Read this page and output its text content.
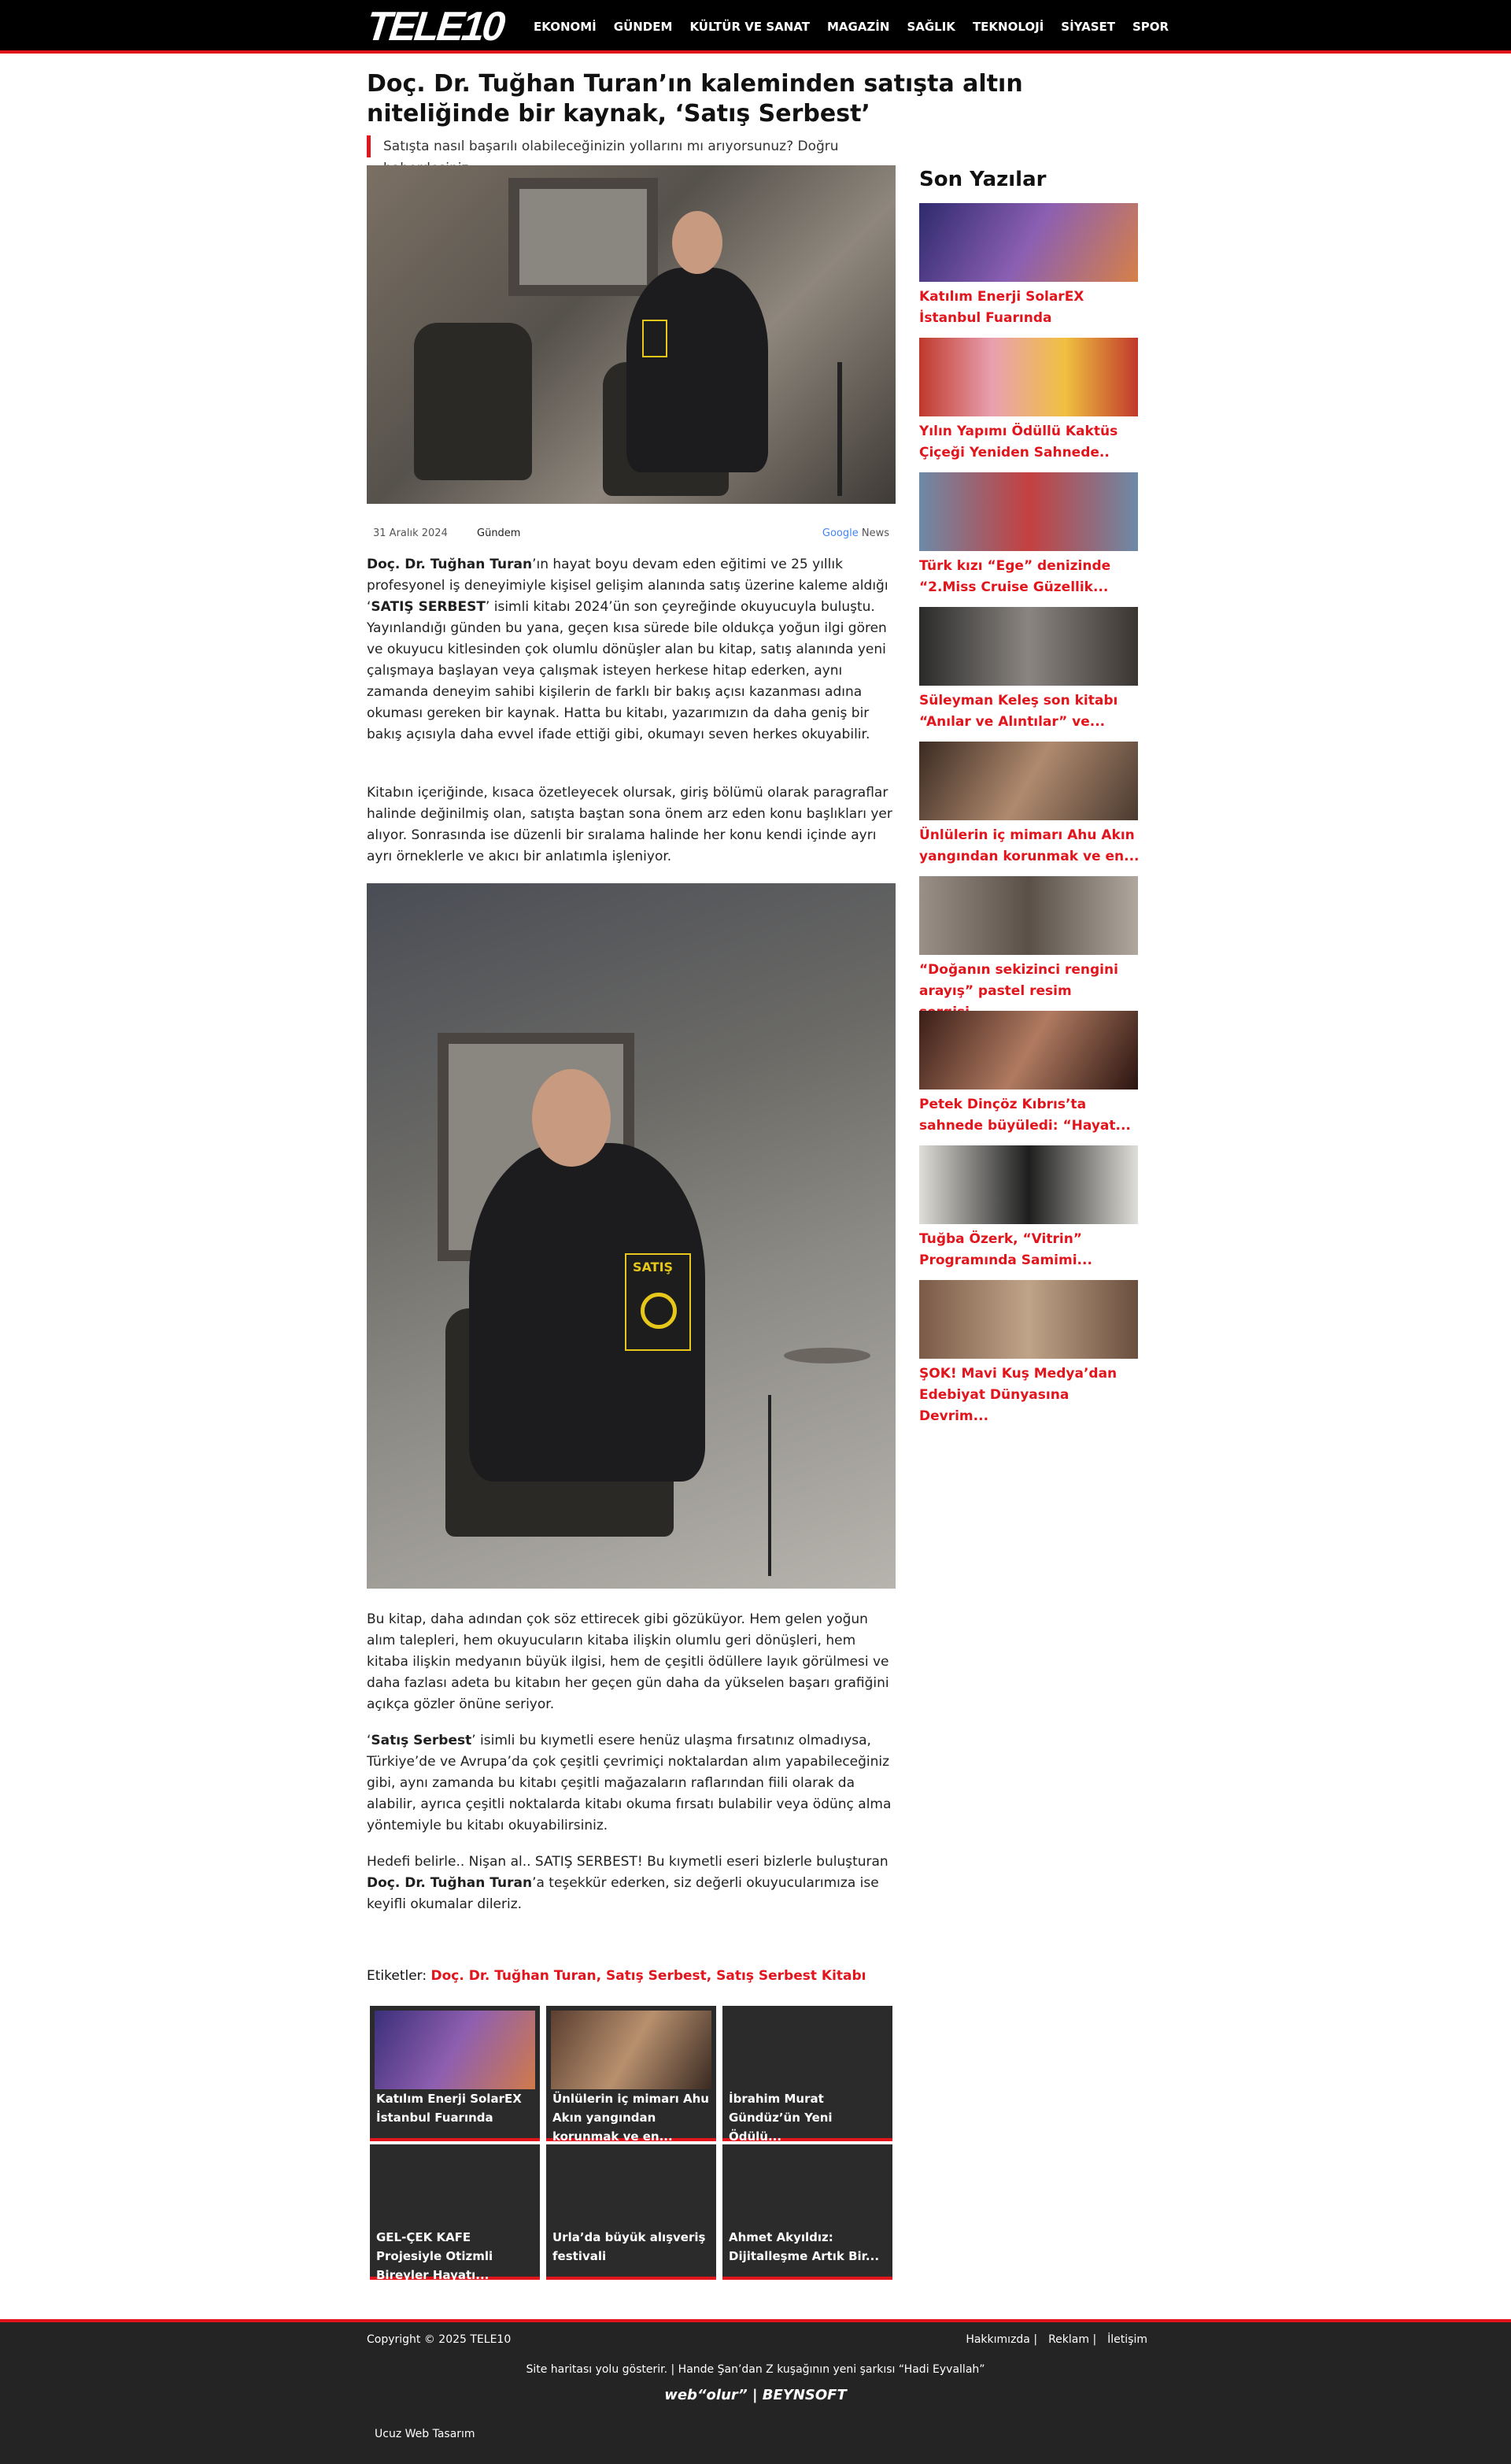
TELE10 EKONOMİ GÜNDEM KÜLTÜR VE SANAT MAGAZİN SAĞLIK TEKNOLOJİ SİYASET SPOR
Doç. Dr. Tuğhan Turan’ın kaleminden satışta altın niteliğinde bir kaynak, ‘Satış Serbest’
Satışta nasıl başarılı olabileceğinizin yollarını mı arıyorsunuz? Doğru
31 Aralık 2024	Gündem	Google News

Doç. Dr. Tuğhan Turan’ın hayat boyu devam eden eğitimi ve 25 yıllık profesyonel iş deneyimiyle kişisel gelişim alanında satış üzerine kaleme aldığı ‘SATIŞ SERBEST’ isimli kitabı 2024’ün son çeyreğinde okuyucuyla buluştu. Yayınlandığı günden bu yana, geçen kısa sürede bile oldukça yoğun ilgi gören ve okuyucu kitlesinden çok olumlu dönüşler alan bu kitap, satış alanında yeni çalışmaya başlayan veya çalışmak isteyen herkese hitap ederken, aynı zamanda deneyim sahibi kişilerin de farklı bir bakış açısı kazanması adına okuması gereken bir kaynak. Hatta bu kitabı, yazarımızın da daha geniş bir bakış açısıyla daha evvel ifade ettiği gibi, okumayı seven herkes okuyabilir.

Kitabın içeriğinde, kısaca özetleyecek olursak, giriş bölümü olarak paragraflar halinde değinilmiş olan, satışta baştan sona önem arz eden konu başlıkları yer alıyor. Sonrasında ise düzenli bir sıralama halinde her konu kendi içinde ayrı ayrı örneklerle ve akıcı bir anlatımla işleniyor.

SATIŞ

Bu kitap, daha adından çok söz ettirecek gibi gözüküyor. Hem gelen yoğun alım talepleri, hem okuyucuların kitaba ilişkin olumlu geri dönüşleri, hem kitaba ilişkin medyanın büyük ilgisi, hem de çeşitli ödüllere layık görülmesi ve daha fazlası adeta bu kitabın her geçen gün daha da yükselen başarı grafiğini açıkça gözler önüne seriyor.

‘Satış Serbest’ isimli bu kıymetli esere henüz ulaşma fırsatınız olmadıysa, Türkiye’de ve Avrupa’da çok çeşitli çevrimiçi noktalardan alım yapabileceğiniz gibi, aynı zamanda bu kitabı çeşitli mağazaların raflarından fiili olarak da alabilir, ayrıca çeşitli noktalarda kitabı okuma fırsatı bulabilir veya ödünç alma yöntemiyle bu kitabı okuyabilirsiniz.

Hedefi belirle.. Nişan al.. SATIŞ SERBEST! Bu kıymetli eseri bizlerle buluşturan Doç. Dr. Tuğhan Turan’a teşekkür ederken, siz değerli okuyucularımıza ise keyifli okumalar dileriz.

Etiketler: Doç. Dr. Tuğhan Turan, Satış Serbest, Satış Serbest Kitabı
Katılım Enerji SolarEX İstanbul Fuarında
Ünlülerin iç mimarı Ahu Akın yangından korunmak ve en...
İbrahim Murat Gündüz’ün Yeni Ödülü...
GEL-ÇEK KAFE Projesiyle Otizmli Bireyler Hayatı...
Urla’da büyük alışveriş festivali
Ahmet Akyıldız: Dijitalleşme Artık Bir...
Son Yazılar
Katılım Enerji SolarEX İstanbul Fuarında
Yılın Yapımı Ödüllü Kaktüs Çiçeği Yeniden Sahnede..
Türk kızı “Ege” denizinde “2.Miss Cruise Güzellik...
Süleyman Keleş son kitabı “Anılar ve Alıntılar” ve...
Ünlülerin iç mimarı Ahu Akın yangından korunmak ve en...
“Doğanın sekizinci rengini arayış” pastel resim
Petek Dinçöz Kıbrıs’ta sahnede büyüledi: “Hayat...
Tuğba Özerk, “Vitrin” Programında Samimi...
ŞOK! Mavi Kuş Medya’dan Edebiyat Dünyasına Devrim...
Copyright © 2025 TELE10	Hakkımızda | Reklam | İletişim
Site haritası yolu gösterir. | Hande Şan’dan Z kuşağının yeni şarkısı “Hadi Eyvallah”
web“olur” | BEYNSOFT
Ucuz Web Tasarım
